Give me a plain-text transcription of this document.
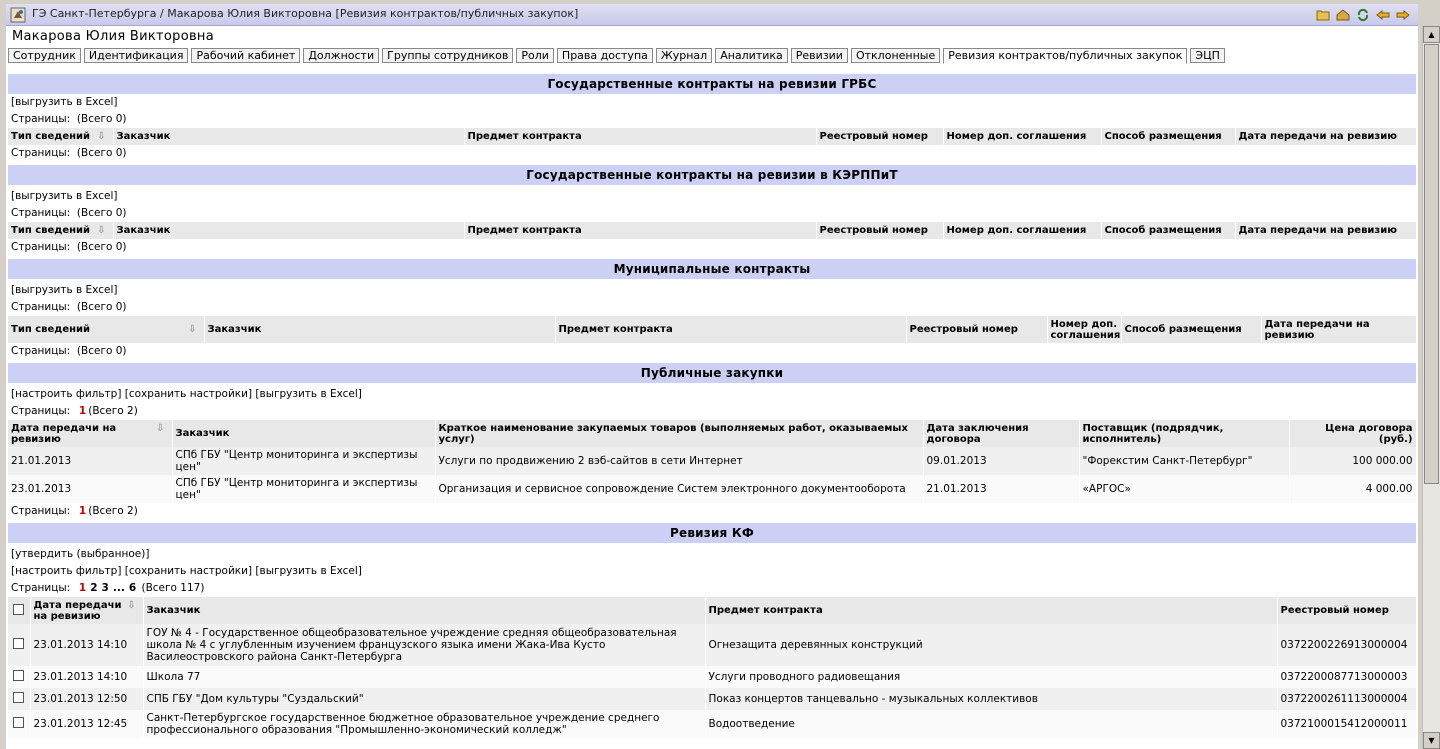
ГЭ Санкт-Петербурга / Макарова Юлия Викторовна [Ревизия контрактов/публичных закупок]
Макарова Юлия Викторовна
Сотрудник	Идентификация	Рабочий кабинет	Должности	Группы сотрудников	Роли	Права доступа	Журнал	Аналитика	Ревизии	Отклоненные	Ревизия контрактов/публичных закупок	ЭЦП
Государственные контракты на ревизии ГРБС
[выгрузить в Excel]
Страницы: (Всего 0)
Тип сведений ⇩	Заказчик	Предмет контракта	Реестровый номер	Номер доп. соглашения	Способ размещения	Дата передачи на ревизию
Страницы: (Всего 0)
Государственные контракты на ревизии в КЭРППиТ
[выгрузить в Excel]
Страницы: (Всего 0)
Тип сведений ⇩	Заказчик	Предмет контракта	Реестровый номер	Номер доп. соглашения	Способ размещения	Дата передачи на ревизию
Страницы: (Всего 0)
Муниципальные контракты
[выгрузить в Excel]
Страницы: (Всего 0)
Тип сведений	⇩	Заказчик	Предмет контракта	Реестровый номер	Номер доп. соглашения	Способ размещения	Дата передачи на ревизию
Страницы: (Всего 0)
Публичные закупки
[настроить фильтр] [сохранить настройки] [выгрузить в Excel]
Страницы: 1 (Всего 2)
⇩
Дата передачи на ревизию	Заказчик	Краткое наименование закупаемых товаров (выполняемых работ, оказываемых услуг)	Дата заключения договора	Поставщик (подрядчик, исполнитель)	Цена договора (руб.)
21.01.2013	СПб ГБУ "Центр мониторинга и экспертизы цен"	Услуги по продвижению 2 вэб-сайтов в сети Интернет	09.01.2013	"Форекстим Санкт-Петербург"	100 000.00
23.01.2013	СПб ГБУ "Центр мониторинга и экспертизы цен"	Организация и сервисное сопровождение Систем электронного документооборота	21.01.2013	«АРГОС»	4 000.00
Страницы: 1 (Всего 2)
Ревизия КФ
[утвердить (выбранное)]
[настроить фильтр] [сохранить настройки] [выгрузить в Excel]
Страницы: 1 2 3 ... 6 (Всего 117)

	⇩
Дата передачи на ревизию	Заказчик	Предмет контракта	Реестровый номер
	23.01.2013 14:10	ГОУ № 4 - Государственное общеобразовательное учреждение средняя общеобразовательная школа № 4 с углубленным изучением французского языка имени Жака-Ива Кусто Василеостровского района Санкт-Петербурга	Огнезащита деревянных конструкций	0372200226913000004
	23.01.2013 14:10	Школа 77	Услуги проводного радиовещания	0372200087713000003
	23.01.2013 12:50	СПБ ГБУ "Дом культуры "Суздальский"	Показ концертов танцевально - музыкальных коллективов	0372200261113000004
	23.01.2013 12:45	Санкт-Петербургское государственное бюджетное образовательное учреждение среднего профессионального образования "Промышленно-экономический колледж"	Водоотведение	0372100015412000011
▲
▼
